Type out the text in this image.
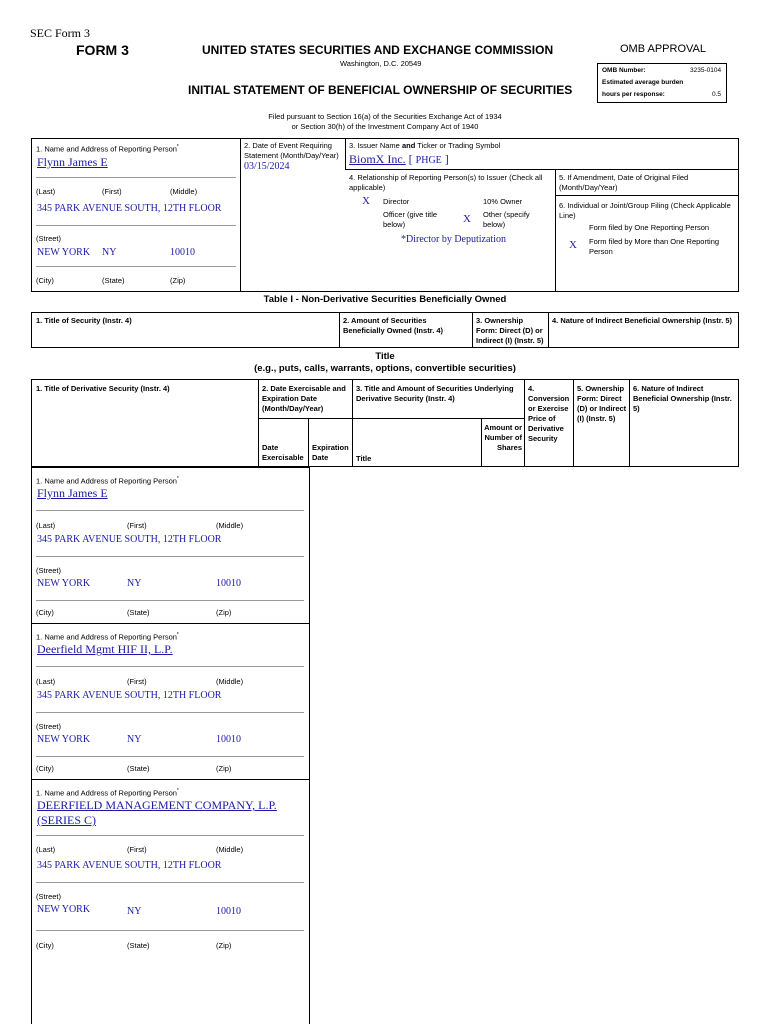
SEC Form 3
FORM 3	UNITED STATES SECURITIES AND EXCHANGE COMMISSION
Washington, D.C. 20549
INITIAL STATEMENT OF BENEFICIAL OWNERSHIP OF SECURITIES
Filed pursuant to Section 16(a) of the Securities Exchange Act of 1934
or Section 30(h) of the Investment Company Act of 1940
OMB APPROVAL
OMB Number:	3235-0104
Estimated average burden
hours per response:	0.5
1. Name and Address of Reporting Person*
Flynn James E
(Last)	(First)	(Middle)
345 PARK AVENUE SOUTH, 12TH FLOOR
(Street)
NEW YORK NY	10010
(City)	(State)	(Zip)
2. Date of Event Requiring Statement (Month/Day/Year)
03/15/2024
3. Issuer Name and Ticker or Trading Symbol
BiomX Inc. [ PHGE ]
4. Relationship of Reporting Person(s) to Issuer (Check all applicable)
X Director	10% Owner
Officer (give title below)	X Other (specify below)
*Director by Deputization
5. If Amendment, Date of Original Filed (Month/Day/Year)
6. Individual or Joint/Group Filing (Check Applicable Line)
Form filed by One Reporting Person
X Form filed by More than One Reporting Person
Table I - Non-Derivative Securities Beneficially Owned
1. Title of Security (Instr. 4)	2. Amount of Securities Beneficially Owned (Instr. 4)
3. Ownership Form: Direct (D) or Indirect (I) (Instr. 5)
4. Nature of Indirect Beneficial Ownership (Instr. 5)
Title
(e.g., puts, calls, warrants, options, convertible securities)
1. Title of Derivative Security (Instr. 4)	2. Date Exercisable and Expiration Date (Month/Day/Year)
3. Title and Amount of Securities Underlying Derivative Security (Instr. 4)
4. Conversion or Exercise Price of Derivative Security
5. Ownership Form: Direct (D) or Indirect (I) (Instr. 5)
6. Nature of Indirect Beneficial Ownership (Instr. 5)
Date Exercisable
Expiration Date	Title
Amount or Number of Shares
1. Name and Address of Reporting Person*
Flynn James E
(Last)	(First)	(Middle)
345 PARK AVENUE SOUTH, 12TH FLOOR
(Street)
NEW YORK	NY	10010
(City)	(State)	(Zip)
1. Name and Address of Reporting Person*
Deerfield Mgmt HIF II, L.P.
(Last)	(First)	(Middle)
345 PARK AVENUE SOUTH, 12TH FLOOR
(Street)
NEW YORK	NY	10010
(City)	(State)	(Zip)
1. Name and Address of Reporting Person*
DEERFIELD MANAGEMENT COMPANY, L.P.
(SERIES C)
(Last)	(First)	(Middle)
345 PARK AVENUE SOUTH, 12TH FLOOR
(Street)
NEW YORK	NY	10010
(City)	(State)	(Zip)
